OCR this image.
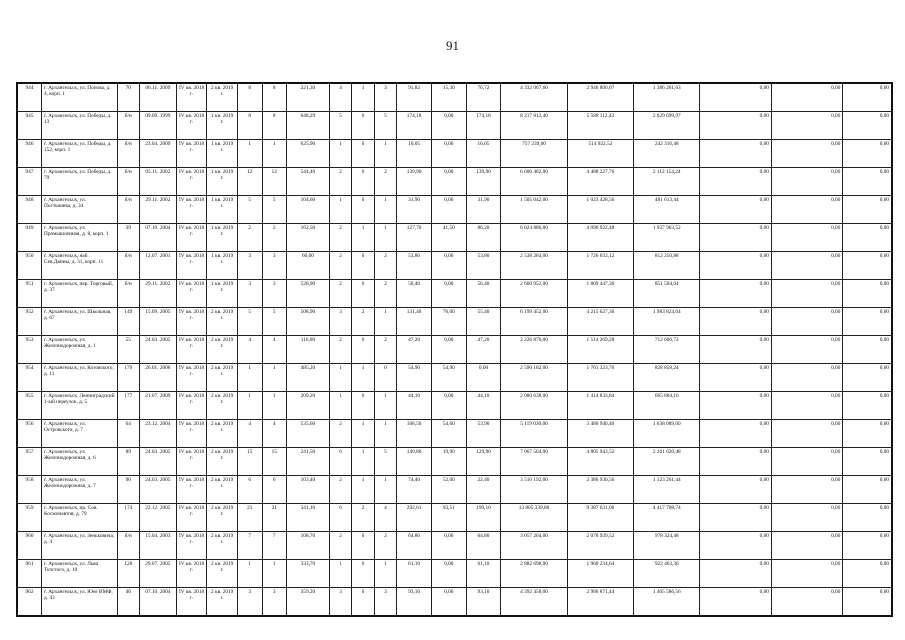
91
944	г. Архангельск, ул. Попова, д. 4, корп. 1	70	06.11. 2009	IV кв. 2018 г.	2 кв. 2019 г.	8	8	221,30	4	1	3	91,82	15,30	76,72	4 332 067,60	2 946 806,07	1 386 261,63	0,00	0,00	0,00
945	г. Архангельск, ул. Победы, д. 13	б/н	09.09. 1999	IV кв. 2018 г.	1 кв. 2019 г.	8	8	648,29	5	0	5	174,18	0,00	174,18	8 217 812,40	5 588 112,43	2 629 699,97	0,00	0,00	0,00
946	г. Архангельск, ул. Победы, д. 152, корп. 1	б/н	23.04. 2009	IV кв. 2018 г.	1 кв. 2019 г.	1	1	625,90	1	0	1	16,05	0,00	16,05	757 239,00	514 922,52	242 316,48	0,00	0,00	0,00
947	г. Архангельск, ул. Победы, д. 79	б/н	05.11. 2002	IV кв. 2018 г.	1 кв. 2019 г.	12	12	544,40	2	0	2	139,90	0,00	139,90	6 600 482,00	4 488 327,76	2 112 154,24	0,00	0,00	0,00
948	г. Архангельск, ул. Постышева, д. 34	б/н	29.11. 2002	IV кв. 2018 г.	1 кв. 2019 г.	5	5	104,60	1	0	1	31,90	0,00	31,90	1 505 042,00	1 023 428,56	481 613,44	0,00	0,00	0,00
949	г. Архангельск, ул. Промышленная, д. 8, корп. 1	39	07.10. 2004	IV кв. 2018 г.	1 кв. 2019 г.	2	2	162,50	2	1	1	127,70	41,50	86,20	6 024 886,00	4 096 922,48	1 927 963,52	0,00	0,00	0,00
950	г. Архангельск, наб. Сев.Двины, д. 31, корп. 11	б/н	12.07. 2001	IV кв. 2018 г.	1 кв. 2019 г.	3	3	60,00	2	0	2	53,80	0,00	53,80	2 538 284,00	1 726 033,12	812 250,88	0,00	0,00	0,00
951	г. Архангельск, пер. Торговый, д. 37	б/н	29.11. 2002	IV кв. 2018 г.	1 кв. 2019 г.	3	3	528,90	2	0	2	56,40	0,00	56,40	2 660 952,00	1 809 447,36	851 504,64	0,00	0,00	0,00
952	г. Архангельск, ул. Школьная, д. 67	149	15.09. 2005	IV кв. 2018 г.	2 кв. 2019 г.	5	5	508,90	3	2	1	131,40	76,00	55,40	6 199 452,00	4 215 627,36	1 983 824,64	0,00	0,00	0,00
953	г. Архангельск, ул. Железнодорожная, д. 1	55	24.03. 2005	IV кв. 2018 г.	2 кв. 2019 г.	4	4	116,80	2	0	2	47,20	0,00	47,20	2 226 876,00	1 514 269,28	712 606,72	0,00	0,00	0,00
954	г. Архангельск, ул. Котовского, д. 11	179	26.01. 2006	IV кв. 2018 г.	2 кв. 2019 г.	1	1	485,20	1	1	0	54,90	54,90	0,00	2 590 182,00	1 761 323,76	828 858,24	0,00	0,00	0,00
955	г. Архангельск, Ленинградский 1-ый переулок, д. 5	177	21.07. 2009	IV кв. 2018 г.	2 кв. 2019 г.	1	1	209,20	1	0	1	44,10	0,00	44,10	2 080 638,00	1 414 833,84	665 804,16	0,00	0,00	0,00
956	г. Архангельск, ул. Островского, д. 7	64	23.12. 2004	IV кв. 2018 г.	2 кв. 2019 г.	4	4	535,60	2	1	1	108,50	54,60	53,90	5 119 030,00	3 480 940,40	1 638 089,60	0,00	0,00	0,00
957	г. Архангельск, ул. Железнодорожная, д. 6	89	24.03. 2005	IV кв. 2018 г.	2 кв. 2019 г.	15	15	241,50	6	1	5	149,80	19,90	129,90	7 067 564,00	4 805 943,52	2 261 620,48	0,00	0,00	0,00
958	г. Архангельск, ул. Железнодорожная, д. 7	90	24.03. 2005	IV кв. 2018 г.	2 кв. 2019 г.	6	6	103,40	2	1	1	74,40	52,00	22,40	3 510 192,00	2 386 930,56	1 123 261,44	0,00	0,00	0,00
959	г. Архангельск, пр. Сов. Космонавтов, д. 79	174	22.12. 2005	IV кв. 2018 г.	2 кв. 2019 г.	21	21	341,10	6	2	4	292,61	93,51	199,10	13 805 339,80	9 387 631,06	4 417 708,74	0,00	0,00	0,00
960	г. Архангельск, ул. Зеньковича, д. 4	б/н	15.04. 2003	IV кв. 2018 г.	2 кв. 2019 г.	7	7	108,70	2	0	2	64,80	0,00	64,80	3 057 264,00	2 078 939,52	978 324,48	0,00	0,00	0,00
961	г. Архангельск, ул. Льва Толстого, д. 10	128	29.07. 2005	IV кв. 2018 г.	2 кв. 2019 г.	1	1	333,70	1	0	1	61,10	0,00	61,10	2 882 698,00	1 960 234,64	922 463,36	0,00	0,00	0,00
962	г. Архангельск, ул. Юнг ВМФ, д. 43	46	07.10. 2004	IV кв. 2018 г.	2 кв. 2019 г.	3	3	359,20	3	0	3	93,10	0,00	93,10	4 392 458,00	2 986 871,44	1 405 586,56	0,00	0,00	0,00
